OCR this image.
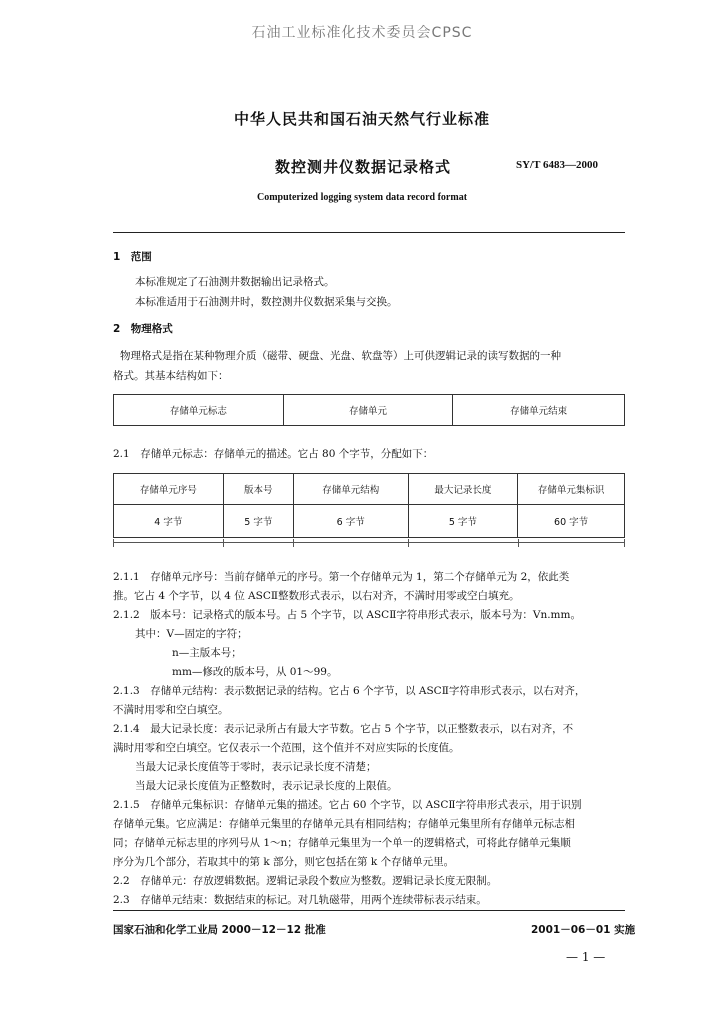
石油工业标准化技术委员会CPSC
中华人民共和国石油天然气行业标准
数控测井仪数据记录格式	SY/T 6483—2000
Computerized logging system data record format
1　范围
本标准规定了石油测井数据输出记录格式。
本标准适用于石油测井时，数控测井仪数据采集与交换。
2　物理格式
物理格式是指在某种物理介质（磁带、硬盘、光盘、软盘等）上可供逻辑记录的读写数据的一种
格式。其基本结构如下：
存储单元标志	存储单元	存储单元结束
2.1　存储单元标志：存储单元的描述。它占 80 个字节，分配如下：
存储单元序号	版本号	存储单元结构	最大记录长度	存储单元集标识
4 字节	5 字节	6 字节	5 字节	60 字节
2.1.1　存储单元序号：当前存储单元的序号。第一个存储单元为 1，第二个存储单元为 2，依此类
推。它占 4 个字节，以 4 位 ASCⅡ整数形式表示，以右对齐，不满时用零或空白填充。
2.1.2　版本号：记录格式的版本号。占 5 个字节，以 ASCⅡ字符串形式表示，版本号为：Vn.mm。
其中：V—固定的字符；
n—主版本号；
mm—修改的版本号，从 01～99。
2.1.3　存储单元结构：表示数据记录的结构。它占 6 个字节，以 ASCⅡ字符串形式表示，以右对齐，
不满时用零和空白填空。
2.1.4　最大记录长度：表示记录所占有最大字节数。它占 5 个字节，以正整数表示，以右对齐，不
满时用零和空白填空。它仅表示一个范围，这个值并不对应实际的长度值。
当最大记录长度值等于零时，表示记录长度不清楚；
当最大记录长度值为正整数时，表示记录长度的上限值。
2.1.5　存储单元集标识：存储单元集的描述。它占 60 个字节，以 ASCⅡ字符串形式表示，用于识别
存储单元集。它应满足：存储单元集里的存储单元具有相同结构；存储单元集里所有存储单元标志相
同；存储单元标志里的序列号从 1～n；存储单元集里为一个单一的逻辑格式，可将此存储单元集顺
序分为几个部分，若取其中的第 k 部分，则它包括在第 k 个存储单元里。
2.2　存储单元：存放逻辑数据。逻辑记录段个数应为整数。逻辑记录长度无限制。
2.3　存储单元结束：数据结束的标记。对几轨磁带，用两个连续带标表示结束。
国家石油和化学工业局 2000－12－12 批准	2001－06－01 实施
— 1 —
